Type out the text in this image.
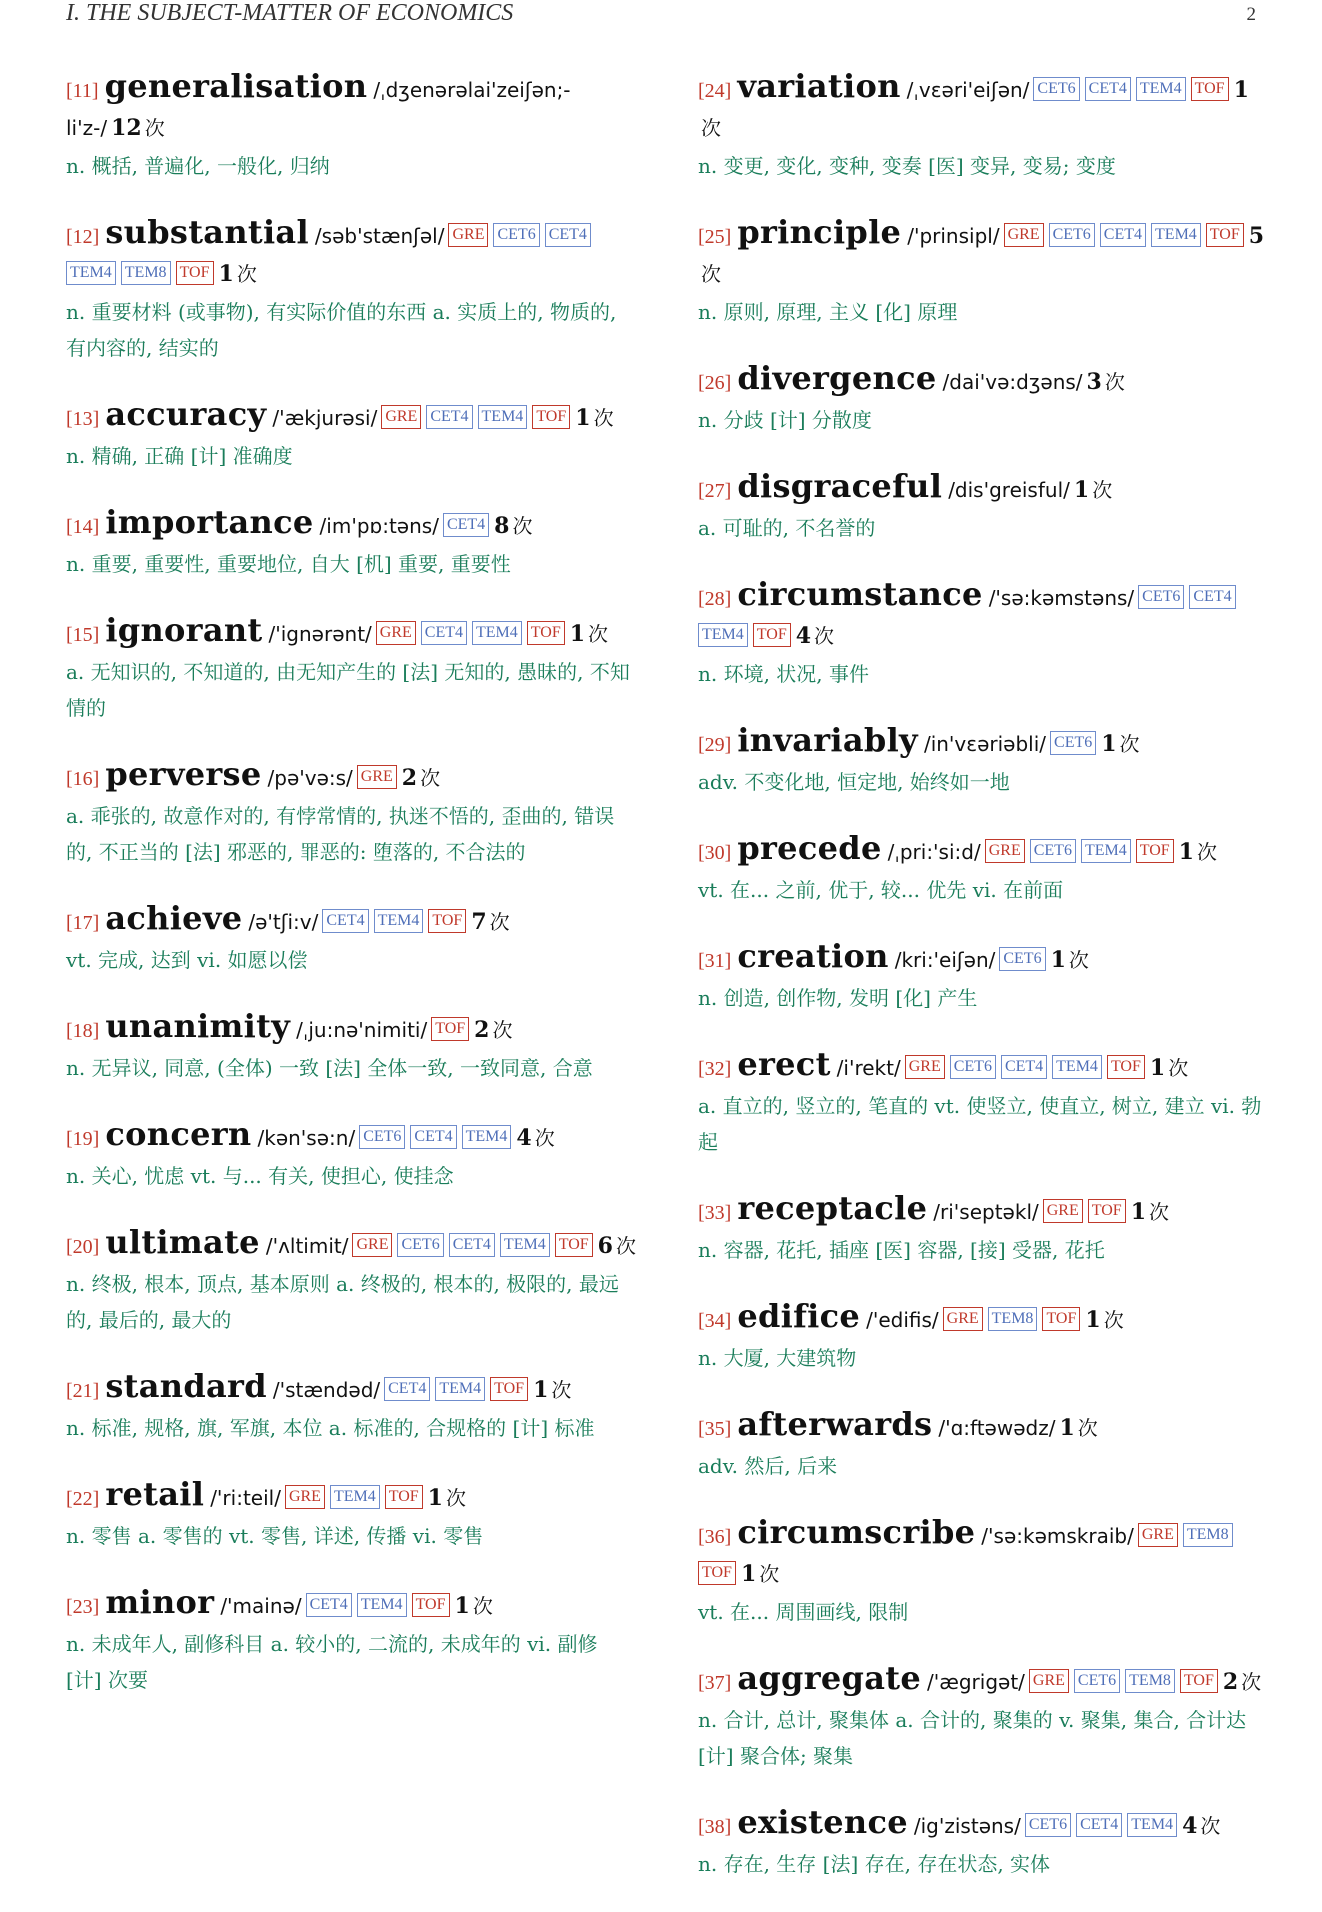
I. THE SUBJECT-MATTER OF ECONOMICS	2
[11] generalisation /ˌdʒenərəlai'zeiʃən;-li'z-/ 12 次
n. 概括, 普遍化, 一般化, 归纳
[12] substantial /səb'stænʃəl/ GRE CET6 CET4TEM4 TEM8 TOF 1 次
n. 重要材料 (或事物), 有实际价值的东西 a. 实质上的, 物质的, 有内容的, 结实的
[13] accuracy /'ækjurəsi/ GRE CET4 TEM4 TOF 1 次
n. 精确, 正确 [计] 准确度
[14] importance /im'pɒ:təns/ CET4 8 次
n. 重要, 重要性, 重要地位, 自大 [机] 重要, 重要性
[15] ignorant /'ignərənt/ GRE CET4 TEM4 TOF 1 次
a. 无知识的, 不知道的, 由无知产生的 [法] 无知的, 愚昧的, 不知情的
[16] perverse /pə'və:s/ GRE 2 次
a. 乖张的, 故意作对的, 有悖常情的, 执迷不悟的, 歪曲的, 错误的, 不正当的 [法] 邪恶的, 罪恶的: 堕落的, 不合法的
[17] achieve /ə'tʃi:v/ CET4 TEM4 TOF 7 次
vt. 完成, 达到 vi. 如愿以偿
[18] unanimity /ˌju:nə'nimiti/ TOF 2 次
n. 无异议, 同意, (全体) 一致 [法] 全体一致, 一致同意, 合意
[19] concern /kən'sə:n/ CET6 CET4 TEM4 4 次
n. 关心, 忧虑 vt. 与... 有关, 使担心, 使挂念
[20] ultimate /'ʌltimit/ GRE CET6 CET4 TEM4 TOF 6 次
n. 终极, 根本, 顶点, 基本原则 a. 终极的, 根本的, 极限的, 最远的, 最后的, 最大的
[21] standard /'stændəd/ CET4 TEM4 TOF 1 次
n. 标准, 规格, 旗, 军旗, 本位 a. 标准的, 合规格的 [计] 标准
[22] retail /'ri:teil/ GRE TEM4 TOF 1 次
n. 零售 a. 零售的 vt. 零售, 详述, 传播 vi. 零售
[23] minor /'mainə/ CET4 TEM4 TOF 1 次
n. 未成年人, 副修科目 a. 较小的, 二流的, 未成年的 vi. 副修 [计] 次要
[24] variation /ˌvɛəri'eiʃən/ CET6 CET4 TEM4 TOF 1次
n. 变更, 变化, 变种, 变奏 [医] 变异, 变易; 变度
[25] principle /'prinsipl/ GRE CET6 CET4 TEM4 TOF 5次
n. 原则, 原理, 主义 [化] 原理
[26] divergence /dai'və:dʒəns/ 3 次
n. 分歧 [计] 分散度
[27] disgraceful /dis'greisful/ 1 次
a. 可耻的, 不名誉的
[28] circumstance /'sə:kəmstəns/ CET6 CET4TEM4 TOF 4 次
n. 环境, 状况, 事件
[29] invariably /in'vɛəriəbli/ CET6 1 次
adv. 不变化地, 恒定地, 始终如一地
[30] precede /ˌpri:'si:d/ GRE CET6 TEM4 TOF 1 次
vt. 在... 之前, 优于, 较... 优先 vi. 在前面
[31] creation /kri:'eiʃən/ CET6 1 次
n. 创造, 创作物, 发明 [化] 产生
[32] erect /i'rekt/ GRE CET6 CET4 TEM4 TOF 1 次
a. 直立的, 竖立的, 笔直的 vt. 使竖立, 使直立, 树立, 建立 vi. 勃起
[33] receptacle /ri'septəkl/ GRE TOF 1 次
n. 容器, 花托, 插座 [医] 容器, [接] 受器, 花托
[34] edifice /'edifis/ GRE TEM8 TOF 1 次
n. 大厦, 大建筑物
[35] afterwards /'ɑ:ftəwədz/ 1 次
adv. 然后, 后来
[36] circumscribe /'sə:kəmskraib/ GRE TEM8TOF 1 次
vt. 在... 周围画线, 限制
[37] aggregate /'ægrigət/ GRE CET6 TEM8 TOF 2 次
n. 合计, 总计, 聚集体 a. 合计的, 聚集的 v. 聚集, 集合, 合计达 [计] 聚合体; 聚集
[38] existence /ig'zistəns/ CET6 CET4 TEM4 4 次
n. 存在, 生存 [法] 存在, 存在状态, 实体
